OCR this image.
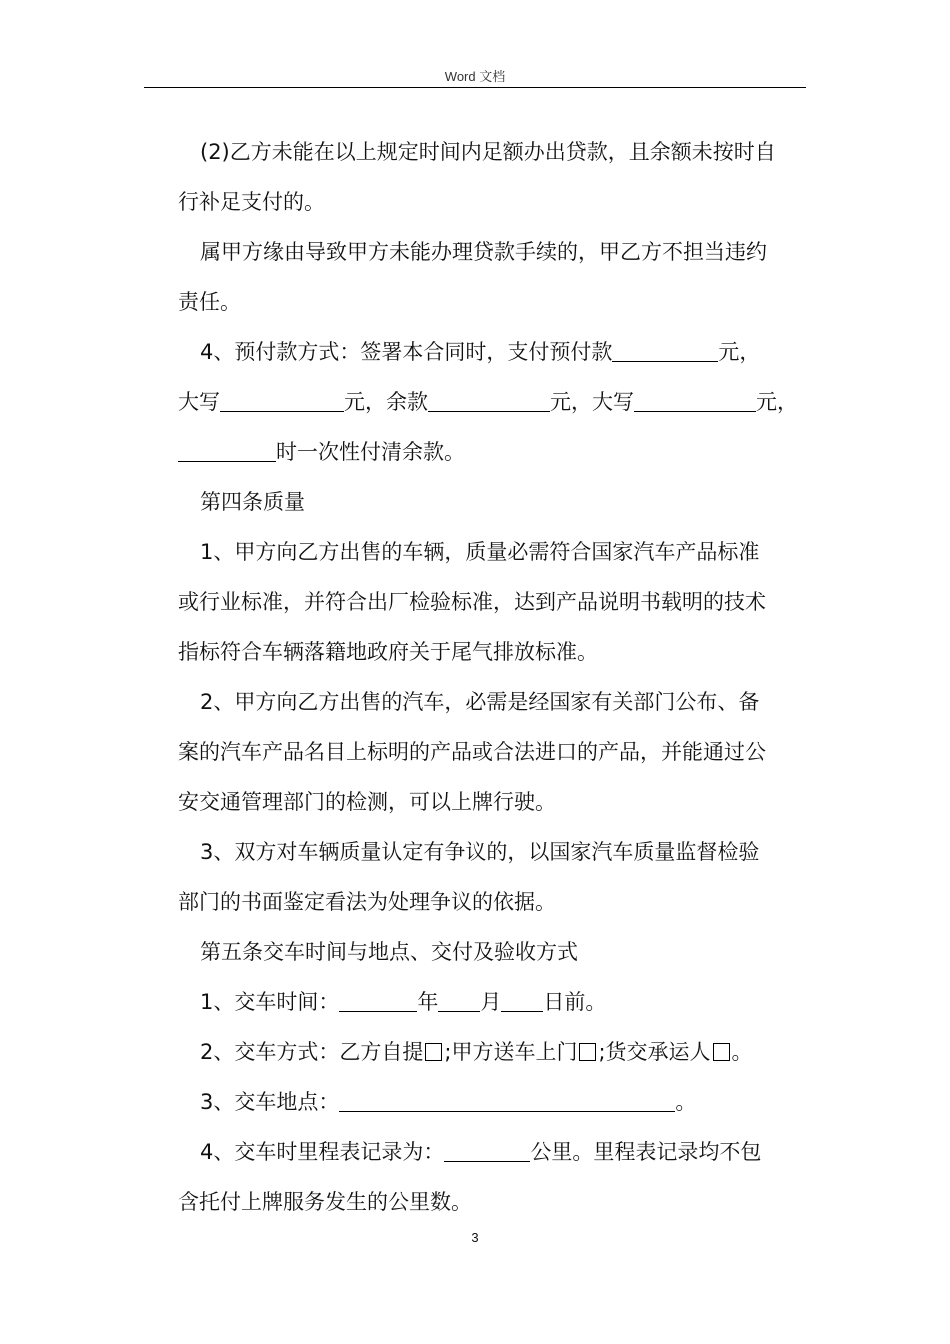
Word 文档
(2)乙方未能在以上规定时间内足额办出贷款，且余额未按时自
行补足支付的。
属甲方缘由导致甲方未能办理贷款手续的，甲乙方不担当违约
责任。
4、预付款方式：签署本合同时，支付预付款	元，
大写	元，余款	元，大写	元，
时一次性付清余款。
第四条质量
1、甲方向乙方出售的车辆，质量必需符合国家汽车产品标准
或行业标准，并符合出厂检验标准，达到产品说明书载明的技术
指标符合车辆落籍地政府关于尾气排放标准。
2、甲方向乙方出售的汽车，必需是经国家有关部门公布、备
案的汽车产品名目上标明的产品或合法进口的产品，并能通过公
安交通管理部门的检测，可以上牌行驶。
3、双方对车辆质量认定有争议的，以国家汽车质量监督检验
部门的书面鉴定看法为处理争议的依据。
第五条交车时间与地点、交付及验收方式
1、交车时间：	年 月 日前。
2、交车方式：乙方自提 ;甲方送车上门 ;货交承运人 。
3、交车地点：	。
4、交车时里程表记录为：	公里。里程表记录均不包
含托付上牌服务发生的公里数。
3
